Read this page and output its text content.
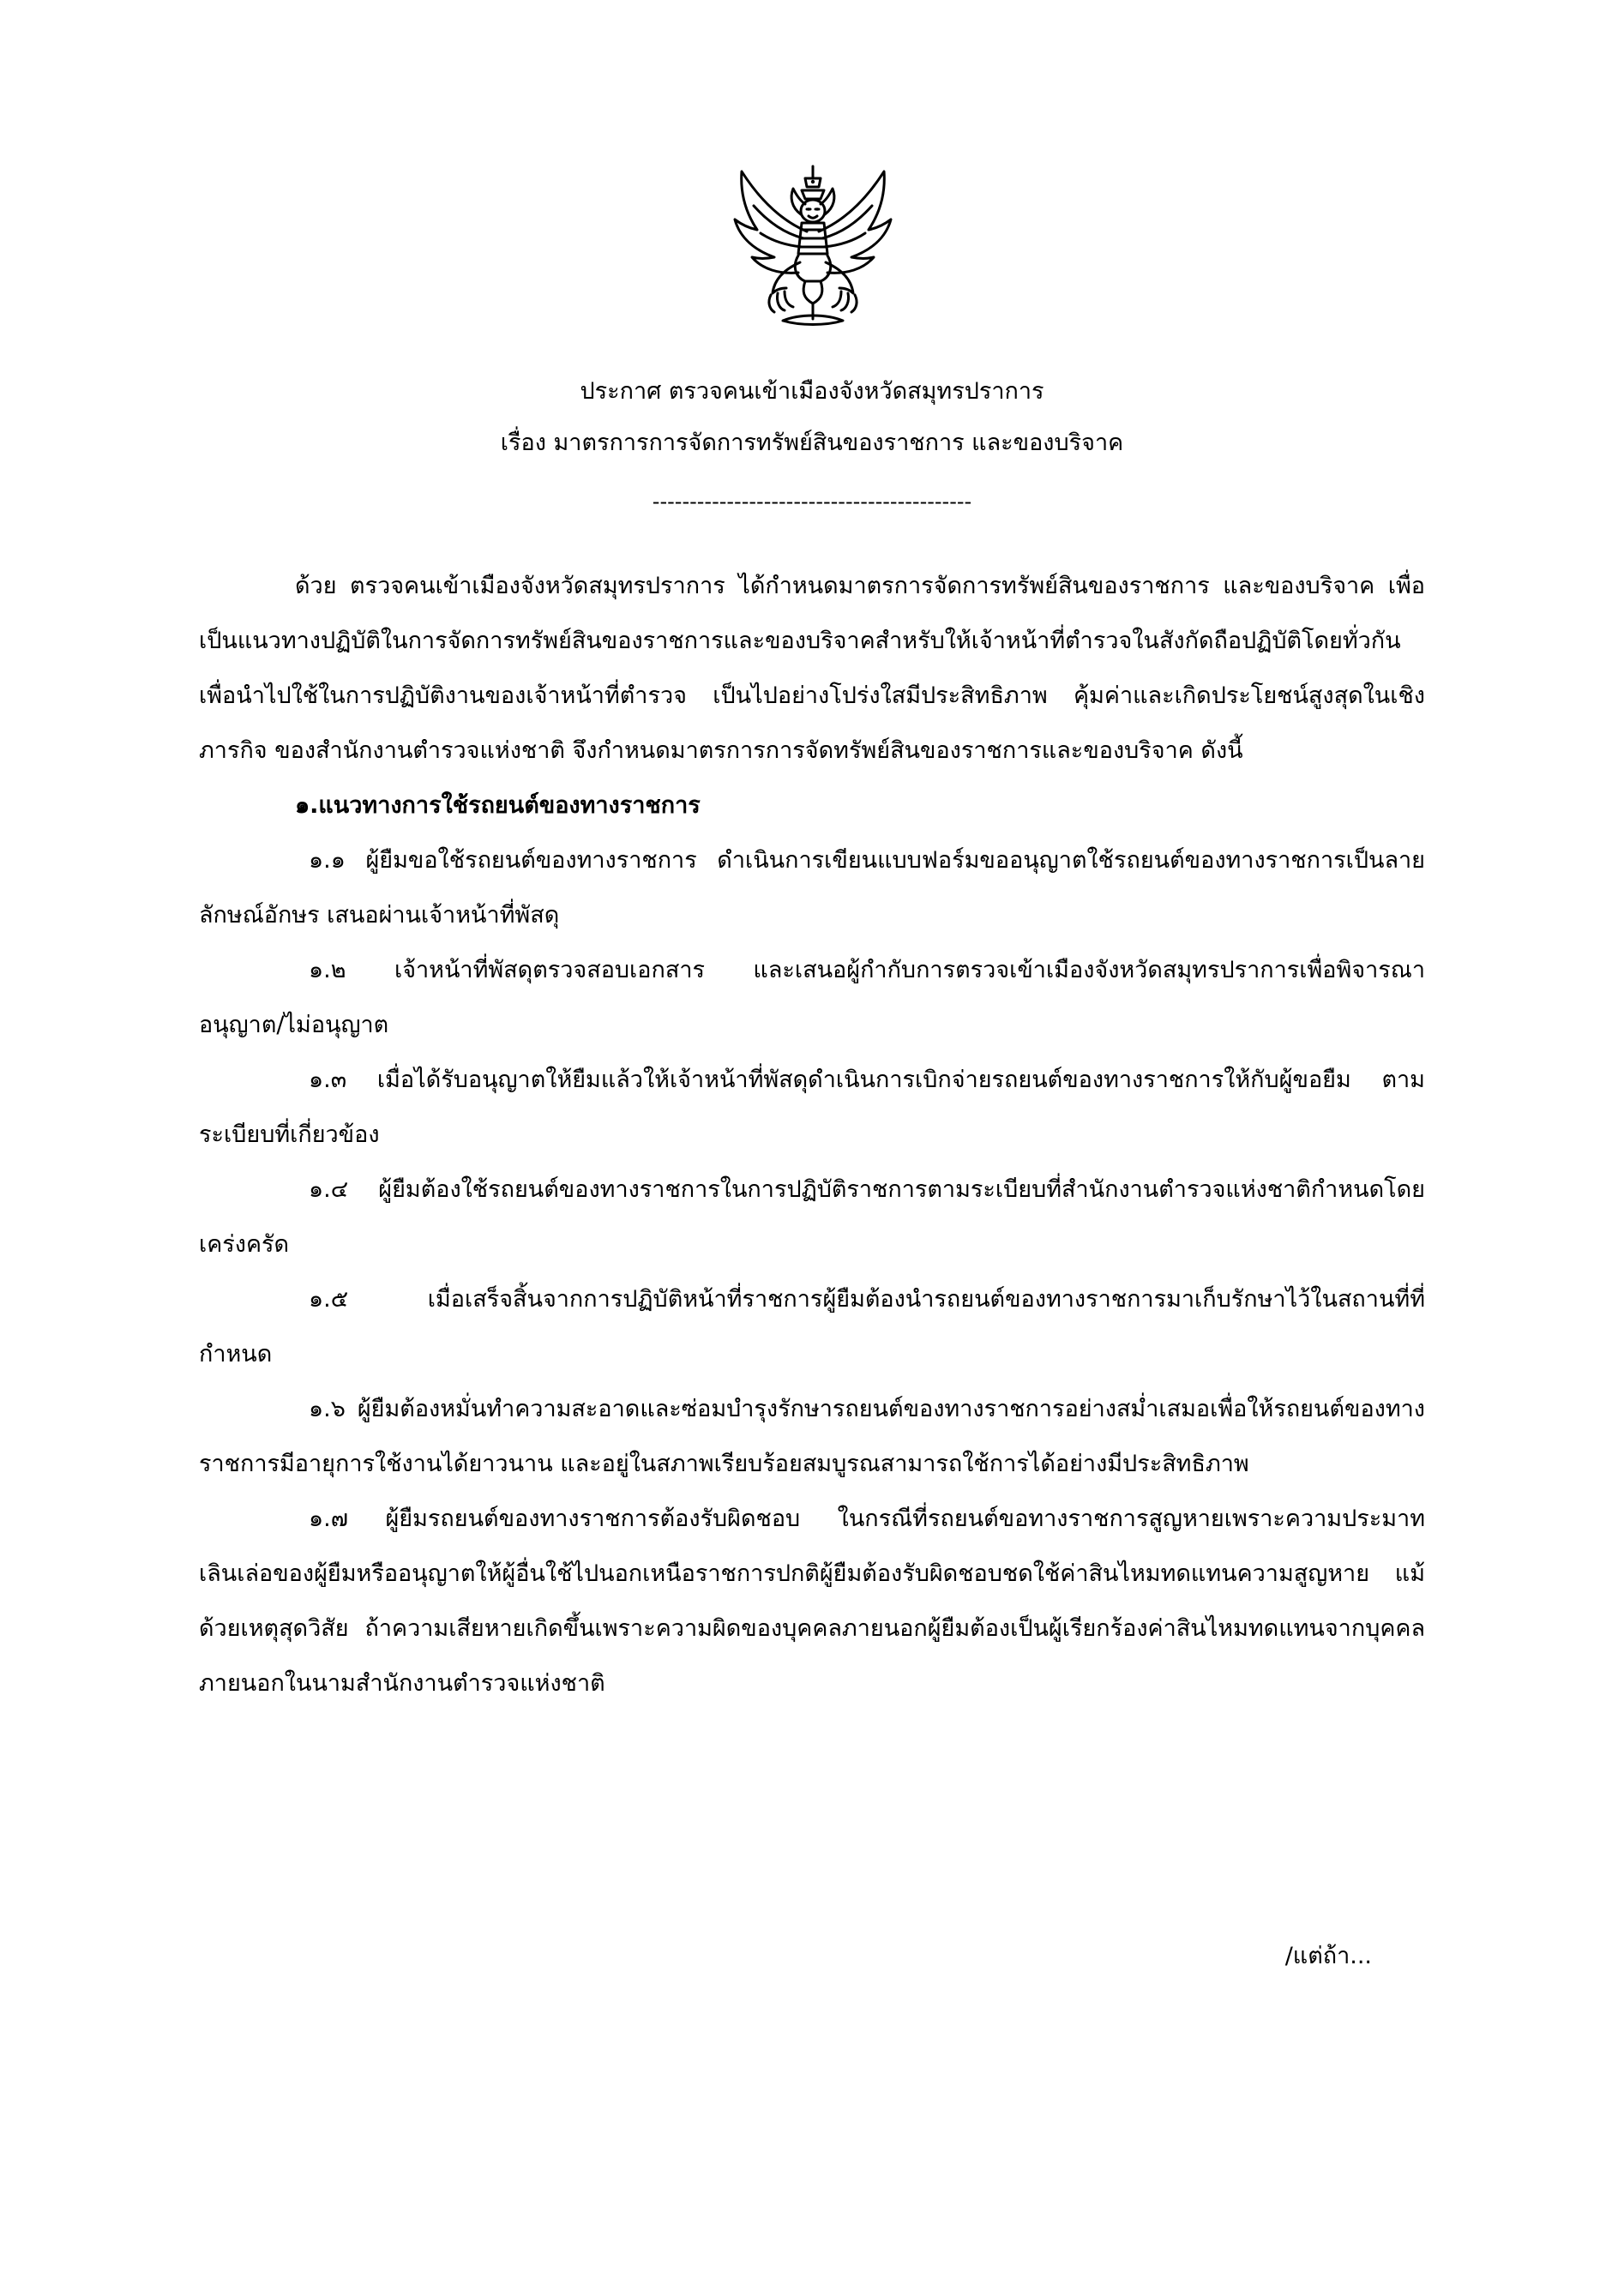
ประกาศ ตรวจคนเข้าเมืองจังหวัดสมุทรปราการ
เรื่อง มาตรการการจัดการทรัพย์สินของราชการ และของบริจาค
-------------------------------------------

ด้วย ตรวจคนเข้าเมืองจังหวัดสมุทรปราการ ได้กำหนดมาตรการจัดการทรัพย์สินของราชการ และของบริจาค เพื่อเป็นแนวทางปฏิบัติในการจัดการทรัพย์สินของราชการและของบริจาคสำหรับให้เจ้าหน้าที่ตำรวจในสังกัดถือปฏิบัติโดยทั่วกันเพื่อนำไปใช้ในการปฏิบัติงานของเจ้าหน้าที่ตำรวจ เป็นไปอย่างโปร่งใสมีประสิทธิภาพ คุ้มค่าและเกิดประโยชน์สูงสุดในเชิงภารกิจ ของสำนักงานตำรวจแห่งชาติ จึงกำหนดมาตรการการจัดทรัพย์สินของราชการและของบริจาค ดังนี้

๑.แนวทางการใช้รถยนต์ของทางราชการ

๑.๑ ผู้ยืมขอใช้รถยนต์ของทางราชการ ดำเนินการเขียนแบบฟอร์มขออนุญาตใช้รถยนต์ของทางราชการเป็นลายลักษณ์อักษร เสนอผ่านเจ้าหน้าที่พัสดุ

๑.๒ เจ้าหน้าที่พัสดุตรวจสอบเอกสาร และเสนอผู้กำกับการตรวจเข้าเมืองจังหวัดสมุทรปราการเพื่อพิจารณาอนุญาต/ไม่อนุญาต

๑.๓ เมื่อได้รับอนุญาตให้ยืมแล้วให้เจ้าหน้าที่พัสดุดำเนินการเบิกจ่ายรถยนต์ของทางราชการให้กับผู้ขอยืม ตามระเบียบที่เกี่ยวข้อง

๑.๔ ผู้ยืมต้องใช้รถยนต์ของทางราชการในการปฏิบัติราชการตามระเบียบที่สำนักงานตำรวจแห่งชาติกำหนดโดยเคร่งครัด

๑.๕ เมื่อเสร็จสิ้นจากการปฏิบัติหน้าที่ราชการผู้ยืมต้องนำรถยนต์ของทางราชการมาเก็บรักษาไว้ในสถานที่ที่กำหนด

๑.๖ ผู้ยืมต้องหมั่นทำความสะอาดและซ่อมบำรุงรักษารถยนต์ของทางราชการอย่างสม่ำเสมอเพื่อให้รถยนต์ของทางราชการมีอายุการใช้งานได้ยาวนาน และอยู่ในสภาพเรียบร้อยสมบูรณสามารถใช้การได้อย่างมีประสิทธิภาพ

๑.๗ ผู้ยืมรถยนต์ของทางราชการต้องรับผิดชอบ ในกรณีที่รถยนต์ขอทางราชการสูญหายเพราะความประมาทเลินเล่อของผู้ยืมหรืออนุญาตให้ผู้อื่นใช้ไปนอกเหนือราชการปกติผู้ยืมต้องรับผิดชอบชดใช้ค่าสินไหมทดแทนความสูญหาย แม้ด้วยเหตุสุดวิสัย ถ้าความเสียหายเกิดขึ้นเพราะความผิดของบุคคลภายนอกผู้ยืมต้องเป็นผู้เรียกร้องค่าสินไหมทดแทนจากบุคคลภายนอกในนามสำนักงานตำรวจแห่งชาติ

/แต่ถ้า...
